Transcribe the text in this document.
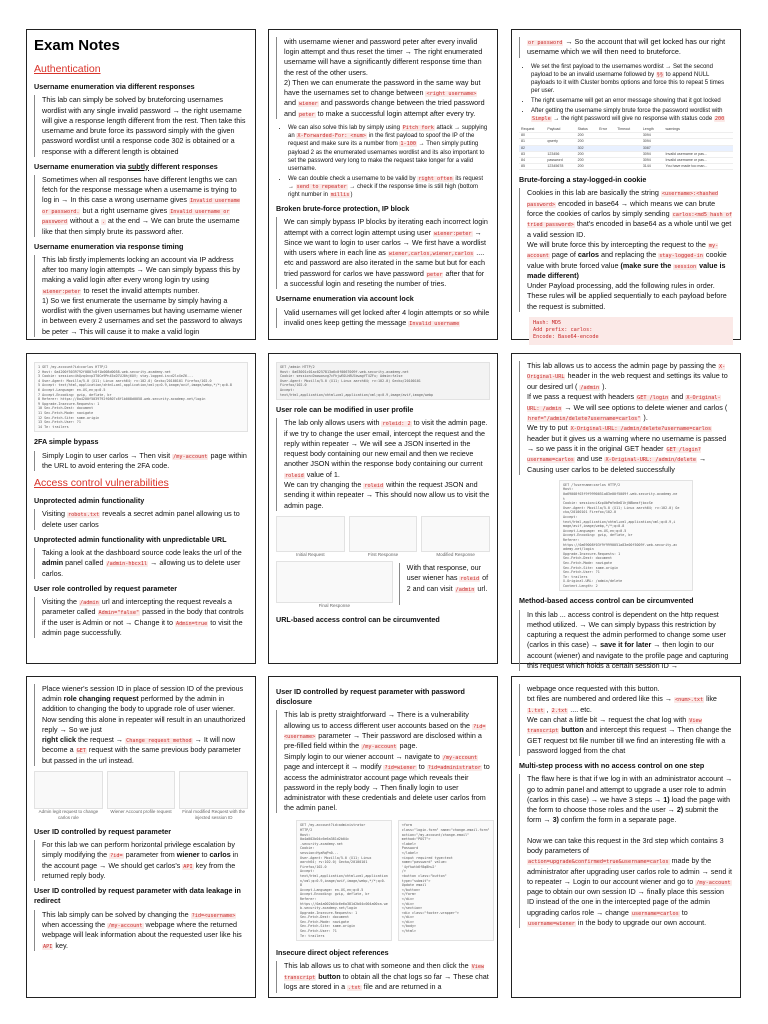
Exam Notes
Authentication
Username enumeration via different responses
This lab can simply be solved by bruteforcing usernames wordlist with any single invalid password → the right username will give a response length different from the rest. Then take this username and brute force its password simply with the given password wordlist until a response code 302 is obtained or a response with a different length is obtained
Username enumeration via subtly different responses
Sometimes when all responses have different lengths we can fetch for the response message when a username is trying to log in → In this case a wrong username gives Invalid username or password. but a right username gives Invalid username or password without a . at the end → We can brute the username like that then simply brute its password after.
Username enumeration via response timing
This lab firstly implements locking an account via IP address after too many login attempts → We can simply bypass this by making a valid login after every wrong login try using wiener:peter to reset the invalid attempts number.
1) So we first enumerate the username by simply having a wordlist with the given usernames but having username wiener in between every 2 usernames and set the password to always be peter → This will cause it to make a valid login
with username wiener and password peter after every invalid login attempt and thus reset the timer → The right enumerated username will have a significantly different response time than the rest of the other users.
2) Then we can enumerate the password in the same way but have the usernames set to change between <right username> and wiener and passwords change between the tried password and peter to make a successful login attempt after every try.
• We can also solve this lab by simply using Pitch fork attack → supplying an X-Forwarded-For: <num> in the first payload to spoof the IP of the request and make sure its a number from 1-100 → Then simply putting payload 2 as the enumerated usernames wordlist and its also important to set the password very long to make the request take longer for a valid username.
• We can double check a username to be valid by right often its request → send to repeater → check if the response time is still high (bottom right number in millis)
Broken brute-force protection, IP block
We can simply bypass IP blocks by iterating each incorrect login attempt with a correct login attempt using user wiener:peter → Since we want to login to user carlos → We first have a wordlist with users where in each line as wiener,carlos,wiener,carlos .... etc and password are also iterated in the same but but for each tried password for carlos we have password peter after that for a successful login and reseting the number of tries.
Username enumeration via account lock
Valid usernames will get locked after 4 login attempts or so while invalid ones keep getting the message Invalid username
or password → So the account that will get locked has our right username which we will then need to bruteforce.
• We set the first payload to the usernames wordlist → Set the second payload to be an invalid username followed by §§ to append NULL payloads to it with Cluster bombs options and force this to repeat 5 times per user.
• The right username will get an error message showing that it got locked
• After getting the username simply brute force the password wordlist with Simple → the right password will give no response with status code 200
Request	Payload	Status	Error	Timeout	Length	warnings
80		200			3094	
81	qwerty	200			3094	
82		302			3087	
83	123456	200			3094	Invalid username or pas...
84	password	200			3094	Invalid username or pas...
85	12345678	200			3144	You have made too man...
Brute-forcing a stay-logged-in cookie
Cookies in this lab are basically the string <username>:<hashed password> encoded in base64 → which means we can brute force the cookies of carlos by simply sending carlos:<md5 hash of tried password> that's encoded in base64 as a whole until we get a valid session ID.
We will brute force this by intercepting the request to the my-account page of carlos and replacing the stay-logged-in cookie value with brute forced value (make sure the session value is made different)
Under Payload processing, add the following rules in order. These rules will be applied sequentially to each payload before the request is submitted.
Hash: MD5
Add prefix: carlos:
Encode: Base64-encode
1 GET /my-account?id=carlos HTTP/2
2 Host: 0a4200f5039792f0807c8f1b008d0058.web-security-academy.net
3 Cookie: session=4hQzq4nvp3T0Ce9Pn45xD7UJ0hj6OV; stay-logged-in=d2lxXeZ6...
4 User-Agent: Mozilla/5.0 (X11; Linux aarch64; rv:102.0) Gecko/20100101 Firefox/102.0
5 Accept: text/html,application/xhtml+xml,application/xml;q=0.9,image/avif,image/webp,*/*;q=0.8
6 Accept-Language: en-US,en;q=0.5
7 Accept-Encoding: gzip, deflate, br
8 Referer: https://0a4200f5039792f0807c8f1b008d0058.web-security-academy.net/login
9 Upgrade-Insecure-Requests: 1
10 Sec-Fetch-Dest: document
11 Sec-Fetch-Mode: navigate
12 Sec-Fetch-Site: same-origin
13 Sec-Fetch-User: ?1
14 Te: trailers
2FA simple bypass
Simply Login to user carlos → Then visit /my-account page within the URL to avoid entering the 2FA code.
Access control vulnerabilities
Unprotected admin functionality
Visiting robots.txt reveals a secret admin panel allowing us to delete user carlos
Unprotected admin functionality with unpredictable URL
Taking a look at the dashboard source code leaks the url of the admin panel called /admin-hbcx1l → allowing us to delete user carlos.
User role controlled by request parameter
Visiting the /admin url and intercepting the request reveals a parameter called Admin="false" passed in the body that controls if the user is Admin or not → Change it to Admin=true to visit the admin page successfully.
GET /admin HTTP/2
Host: 0a63001c01ac0257813a6c0f0067009f.web-security-academy.net
Cookie: session=Daowosvg7cFhjwEOLhBUlbwagYT4ZFu; Admin=false
User-Agent: Mozilla/5.0 (X11; Linux aarch64; rv:102.0) Gecko/20100101
Firefox/102.0
Accept:
text/html,application/xhtml+xml,application/xml;q=0.9,image/avif,image/webp
User role can be modified in user profile
The lab only allows users with roleid: 2 to visit the admin page. if we try to change the user email, intercept the request and the reply within repeater → We will see a JSON inserted in the request body containing our new email and then we recieve another JSON within the response body containing our current roleid value of 1.
We can try changing the roleid within the request JSON and sending it within repeater → This should now allow us to visit the admin page.
Initial Request	First Response	Modified Response
Final Response
With that response, our user wiener has roleid of 2 and can visit /admin url.
URL-based access control can be circumvented
This lab allows us to access the admin page by passing the X-Original-URL header in the web request and settings its value to our desired url ( /admin ).
If we pass a request with headers GET /login and X-Original-URL: /admin → We will see options to delete wiener and carlos ( href="/admin/delete?username=carlos" ).
We try to put X-Original-URL: /admin/delete?username=carlos header but it gives us a warning where no username is passed → so we pass it in the original GET header GET /login?username=carlos and use X-Original-URL: /admin/delete → Causing user carlos to be deleted successfully
GET /?username=carlos HTTP/2
Host:
0a69008f03f9f9990051a83e00f5009f.web-security-academy.ne
t
Cookie: session=LKcpUbPmYe0eDlhjN8bmsfjbxcSe
User-Agent: Mozilla/5.0 (X11; Linux aarch64; rv:102.0) Ge
cko/20100101 Firefox/102.0
Accept:
text/html,application/xhtml+xml,application/xml;q=0.9,i
mage/avif,image/webp,*/*;q=0.8
Accept-Language: en-US,en;q=0.5
Accept-Encoding: gzip, deflate, br
Referer:
https://0a69008f03f9f9990051a83e00f5009f.web-security-ac
ademy.net/login
Upgrade-Insecure-Requests: 1
Sec-Fetch-Dest: document
Sec-Fetch-Mode: navigate
Sec-Fetch-Site: same-origin
Sec-Fetch-User: ?1
Te: trailers
X-Original-URL: /admin/delete
Content-Length: 2
Method-based access control can be circumvented
In this lab ... access control is dependent on the http request method utilized. → We can simply bypass this restriction by capturing a request the admin performed to change some user (carlos in this case) → save it for later → then login to our account (wiener) and navigate to the profile page and capturing this request which holds a certain session ID →
Place wiener's session ID in place of session ID of the previous admin role changing request performed by the admin in addition to changing the body to upgrade role of user wiener.
Now sending this alone in repeater will result in an unauthorized reply → So we just
right click the request → Change request method → It will now become a GET request with the same previous body parameter but passed in the url instead.
Admin legit request to change carlos role
Wiener Account profile request	Final modified Request with the injected session ID
User ID controlled by request parameter
For this lab we can perform horizontal privilege escalation by simply modifying the ?id= parameter from wiener to carlos in the account page → We should get carlos's API key from the returned reply body.
User ID controlled by request parameter with data leakage in redirect
This lab simply can be solved by changing the ?id=<username> when accessing the /my-account webpage where the returned webpage will leak information about the requested user like his API key.
User ID controlled by request parameter with password disclosure
This lab is pretty straightforward → There is a vulnerability allowing us to access different user accounts based on the ?id=<username> parameter → Their password are disclosed within a pre-filled field within the /my-account page.
Simply login to our wiener account → navigate to /my-account page and intercept it → modify ?id=wiener to ?id=administrator to access the administrator account page which reveals their password in the reply body → Then finally login to user administrator with these credentials and delete user carlos from the admin panel.
GET /my-account?id=administrator
HTTP/2
Host:
0a4a002b04c6e6a381d2b04c
-security-academy.net
Cookie:
session=HyaRqPn0...
User-Agent: Mozilla/5.0 (X11; Linux
aarch64; rv:102.0) Gecko/20100101
Firefox/102.0
Accept:
text/html,application/xhtml+xml,application
n/xml;q=0.9,image/avif,image/webp,*/*;q=0.
8
Accept-Language: en-US,en;q=0.5
Accept-Encoding: gzip, deflate, br
Referer:
https://0a4a002b04c6e6a381d2b04c004a00ca.we
b-security-academy.net/login
Upgrade-Insecure-Requests: 1
Sec-Fetch-Dest: document
Sec-Fetch-Mode: navigate
Sec-Fetch-Site: same-origin
Sec-Fetch-User: ?1
Te: trailers
<form
class="login-form" name="change-email-form"
action="/my-account/change-email"
method="POST">
<label>
Password
</label>
<input required type=text
name="password" value=
'4yfkwtk6f8q8hu2'
/>
<button class="button"
type="submit">
Update email
</button>
</form>
</div>
</div>
</section>
<div class="footer-wrapper">
</div>
</div>
</body>
</html>
Insecure direct object references
This lab allows us to chat with someone and then click the View transcript button to obtain all the chat logs so far → These chat logs are stored in a .txt file and are returned in a
webpage once requested with this button.
txt files are numbered and ordered like this → <num>.txt like 1.txt , 2.txt .... etc.
We can chat a little bit → request the chat log with View transcript button and intercept this request → Then change the GET request txt file number till we find an interesting file with a password logged from the chat
Multi-step process with no access control on one step
The flaw here is that if we log in with an administrator account → go to admin panel and attempt to upgrade a user role to admin (carlos in this case) → we have 3 steps → 1) load the page with the form to choose those roles and the user → 2) submit the form → 3) confirm the form in a separate page.

Now we can take this request in the 3rd step which contains 3 body parameters of action=upgrade&confirmed=true&username=carlos made by the administrator after upgrading user carlos role to admin → send it to repeater → Login to our account wiener and go to /my-account page to obtain our own session ID → finally place this session ID instead of the one in the intercepted page of the admin upgrading carlos role → change username=carlos to username=wiener in the body to upgrade our own account.
